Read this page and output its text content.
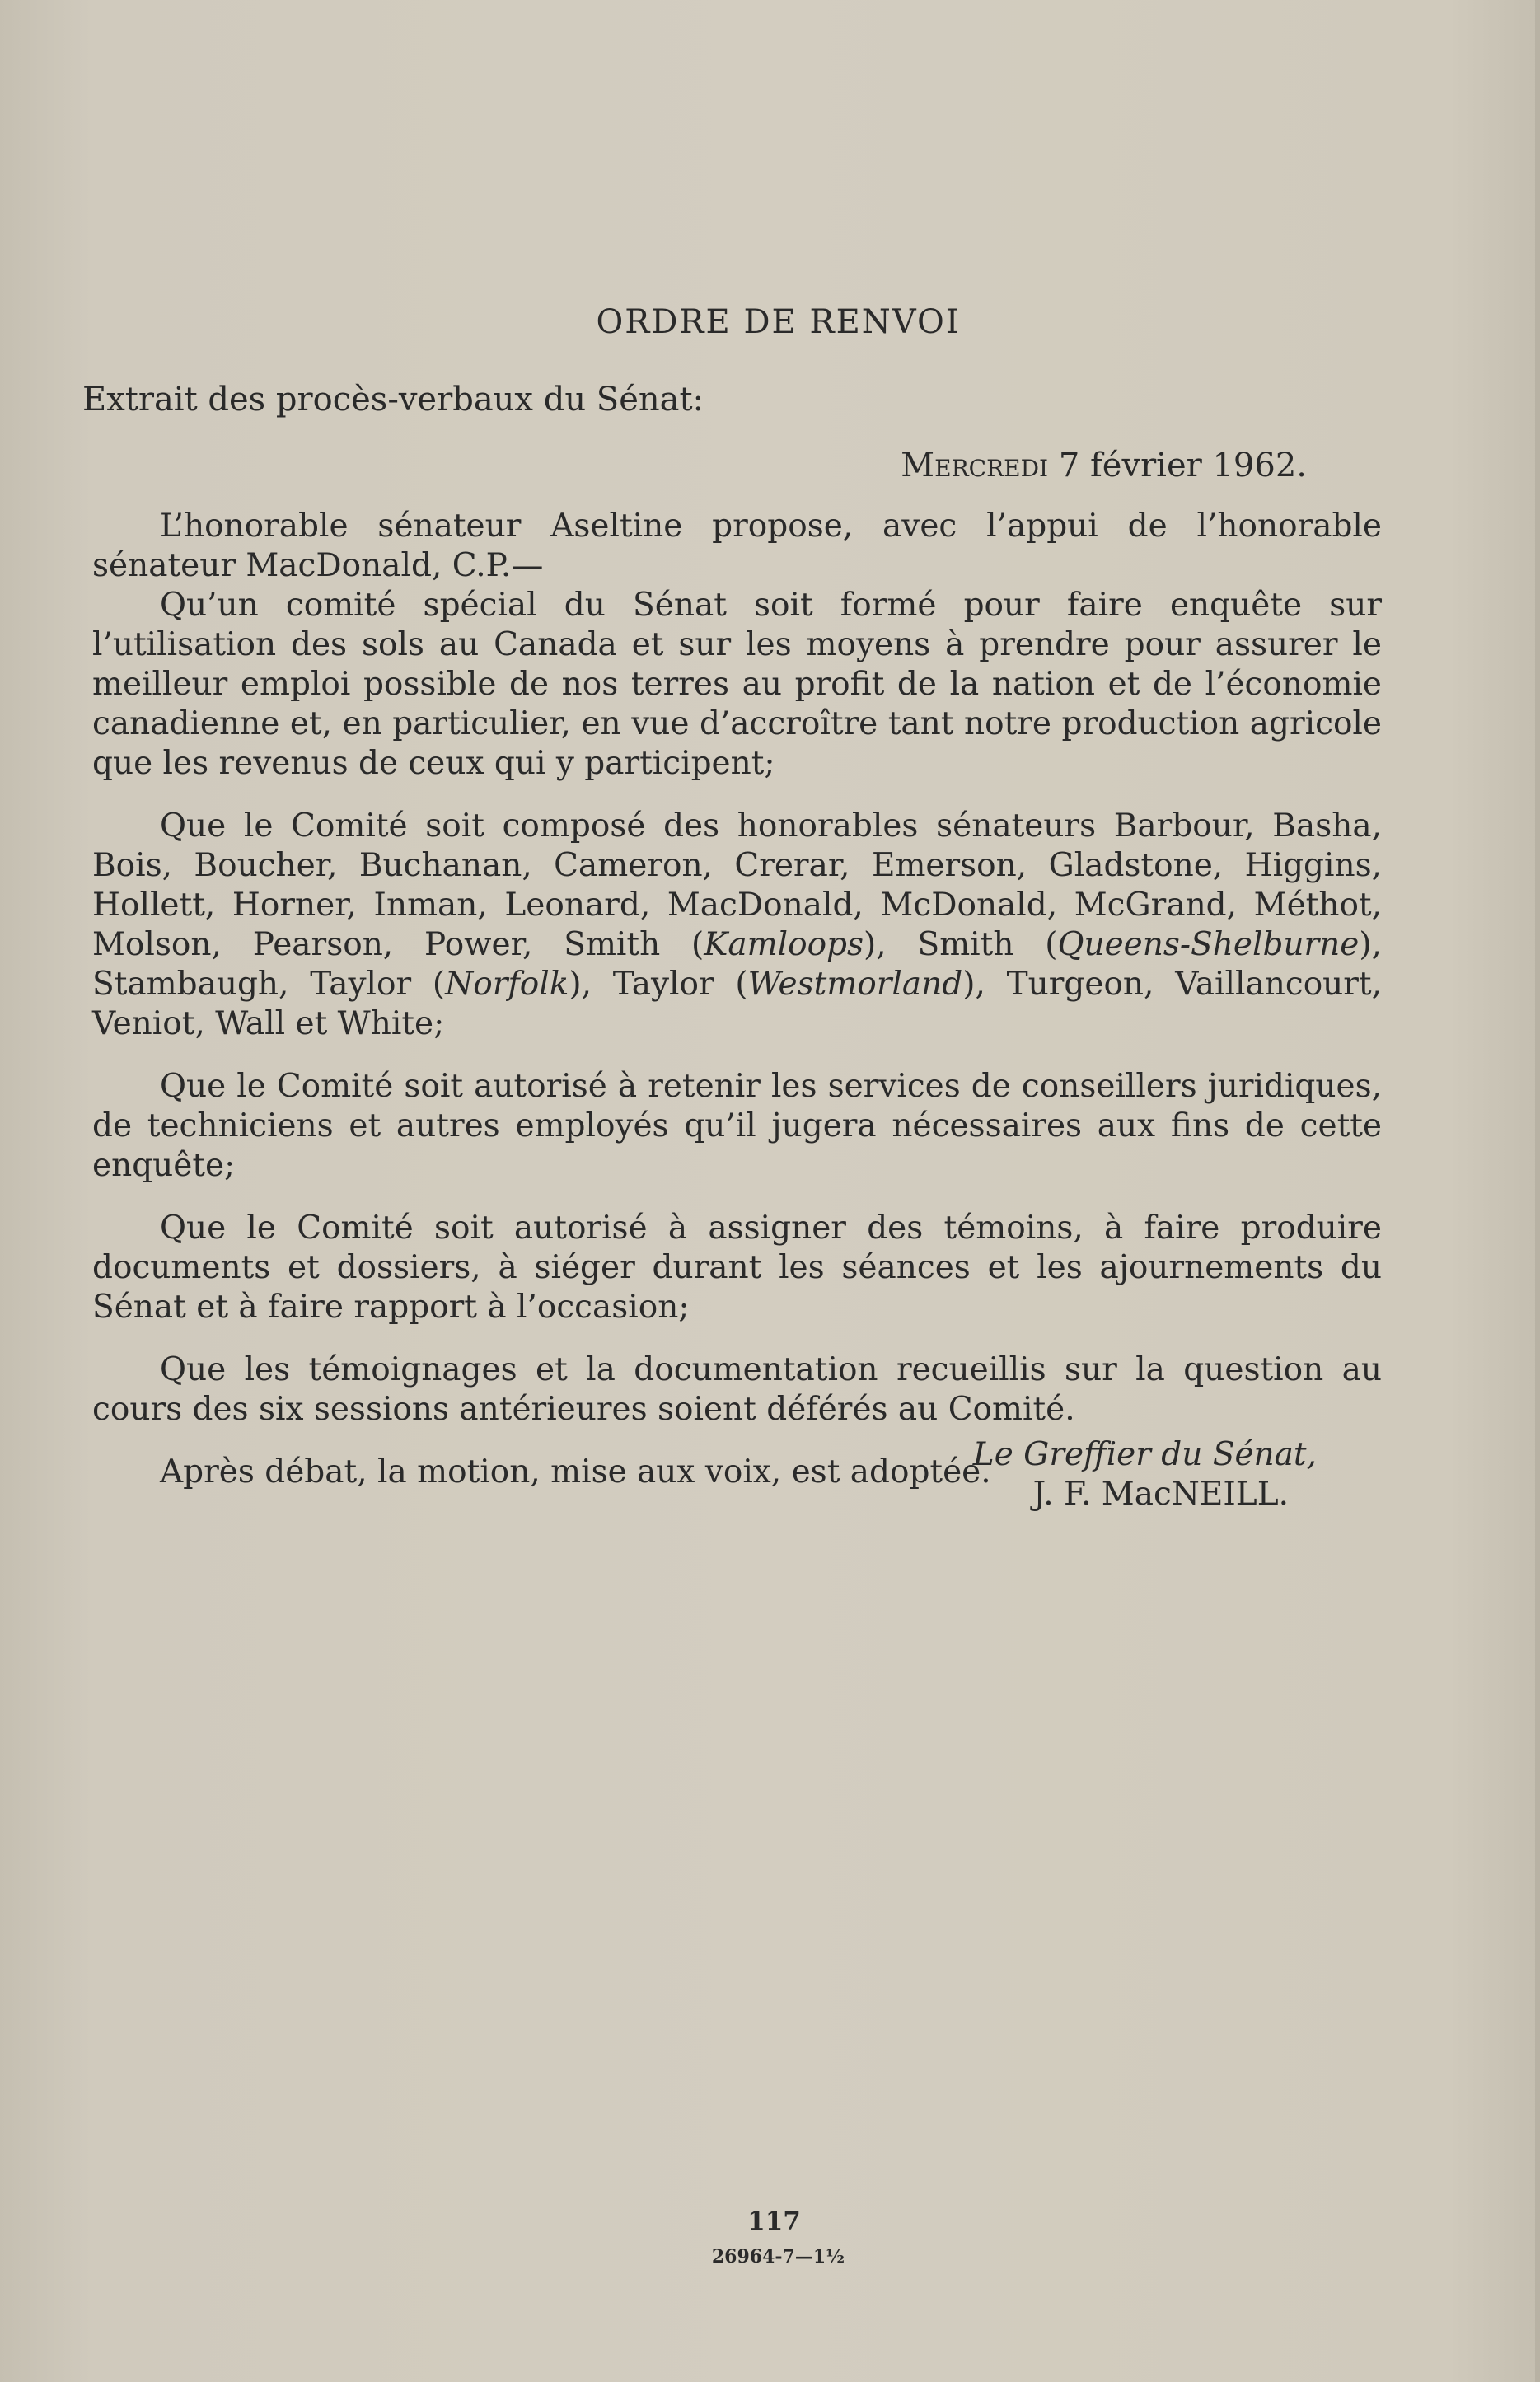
ORDRE DE RENVOI

Extrait des procès-verbaux du Sénat:

Mercredi 7 février 1962.

L’honorable sénateur Aseltine propose, avec l’appui de l’honorable sénateur MacDonald, C.P.—

Qu’un comité spécial du Sénat soit formé pour faire enquête sur l’utilisation des sols au Canada et sur les moyens à prendre pour assurer le meilleur emploi possible de nos terres au profit de la nation et de l’économie canadienne et, en particulier, en vue d’accroître tant notre production agricole que les revenus de ceux qui y participent;

Que le Comité soit composé des honorables sénateurs Barbour, Basha, Bois, Boucher, Buchanan, Cameron, Crerar, Emerson, Gladstone, Higgins, Hollett, Horner, Inman, Leonard, MacDonald, McDonald, McGrand, Méthot, Molson, Pearson, Power, Smith (Kamloops), Smith (Queens-Shelburne), Stambaugh, Taylor (Norfolk), Taylor (Westmorland), Turgeon, Vaillancourt, Veniot, Wall et White;

Que le Comité soit autorisé à retenir les services de conseillers juridiques, de techniciens et autres employés qu’il jugera nécessaires aux fins de cette enquête;

Que le Comité soit autorisé à assigner des témoins, à faire produire documents et dossiers, à siéger durant les séances et les ajournements du Sénat et à faire rapport à l’occasion;

Que les témoignages et la documentation recueillis sur la question au cours des six sessions antérieures soient déférés au Comité.

Après débat, la motion, mise aux voix, est adoptée.

Le Greffier du Sénat,
J. F. MacNEILL.

117

26964-7—1½
